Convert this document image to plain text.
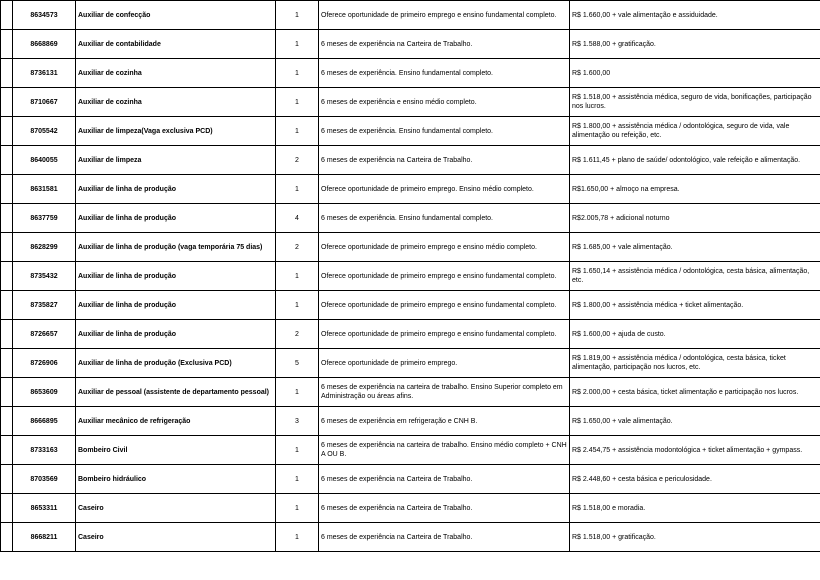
	8634573	Auxiliar de confecção	1	Oferece oportunidade de primeiro emprego e ensino fundamental completo.	R$ 1.660,00 + vale alimentação e assiduidade.
	8668869	Auxiliar de contabilidade	1	6 meses de experiência na Carteira de Trabalho.	R$ 1.588,00 + gratificação.
	8736131	Auxiliar de cozinha	1	6 meses de experiência. Ensino fundamental completo.	R$ 1.600,00
	8710667	Auxiliar de cozinha	1	6 meses de experiência e ensino médio completo.	R$ 1.518,00 + assistência médica, seguro de vida, bonificações, participação nos lucros.
	8705542	Auxiliar de limpeza(Vaga exclusiva PCD)	1	6 meses de experiência. Ensino fundamental completo.	R$ 1.800,00 + assistência médica / odontológica, seguro de vida, vale alimentação ou refeição, etc.
	8640055	Auxiliar de limpeza	2	6 meses de experiência na Carteira de Trabalho.	R$ 1.611,45 + plano de saúde/ odontológico, vale refeição e alimentação.
	8631581	Auxiliar de linha de produção	1	Oferece oportunidade de primeiro emprego. Ensino médio completo.	R$1.650,00 + almoço na empresa.
	8637759	Auxiliar de linha de produção	4	6 meses de experiência. Ensino fundamental completo.	R$2.005,78 + adicional noturno
	8628299	Auxiliar de linha de produção (vaga temporária 75 dias)	2	Oferece oportunidade de primeiro emprego e ensino médio completo.	R$ 1.685,00 + vale alimentação.
	8735432	Auxiliar de linha de produção	1	Oferece oportunidade de primeiro emprego e ensino fundamental completo.	R$ 1.650,14 + assistência médica / odontológica, cesta básica, alimentação, etc.
	8735827	Auxiliar de linha de produção	1	Oferece oportunidade de primeiro emprego e ensino fundamental completo.	R$ 1.800,00 + assistência médica + ticket alimentação.
	8726657	Auxiliar de linha de produção	2	Oferece oportunidade de primeiro emprego e ensino fundamental completo.	R$ 1.600,00 + ajuda de custo.
	8726906	Auxiliar de linha de produção (Exclusiva PCD)	5	Oferece oportunidade de primeiro emprego.	R$ 1.819,00 + assistência médica / odontológica, cesta básica, ticket alimentação, participação nos lucros, etc.
	8653609	Auxiliar de pessoal (assistente de departamento pessoal)	1	6 meses de experiência na carteira de trabalho. Ensino Superior completo em Administração ou áreas afins.	R$ 2.000,00 + cesta básica, ticket alimentação e participação nos lucros.
	8666895	Auxiliar mecânico de refrigeração	3	6 meses de experiência em refrigeração e CNH B.	R$ 1.650,00 + vale alimentação.
	8733163	Bombeiro Civil	1	6 meses de experiência na carteira de trabalho. Ensino médio completo + CNH A OU B.	R$ 2.454,75 + assistência modontológica + ticket alimentação + gympass.
	8703569	Bombeiro hidráulico	1	6 meses de experiência na Carteira de Trabalho.	R$ 2.448,60 + cesta básica e periculosidade.
	8653311	Caseiro	1	6 meses de experiência na Carteira de Trabalho.	R$ 1.518,00 e moradia.
	8668211	Caseiro	1	6 meses de experiência na Carteira de Trabalho.	R$ 1.518,00 + gratificação.
